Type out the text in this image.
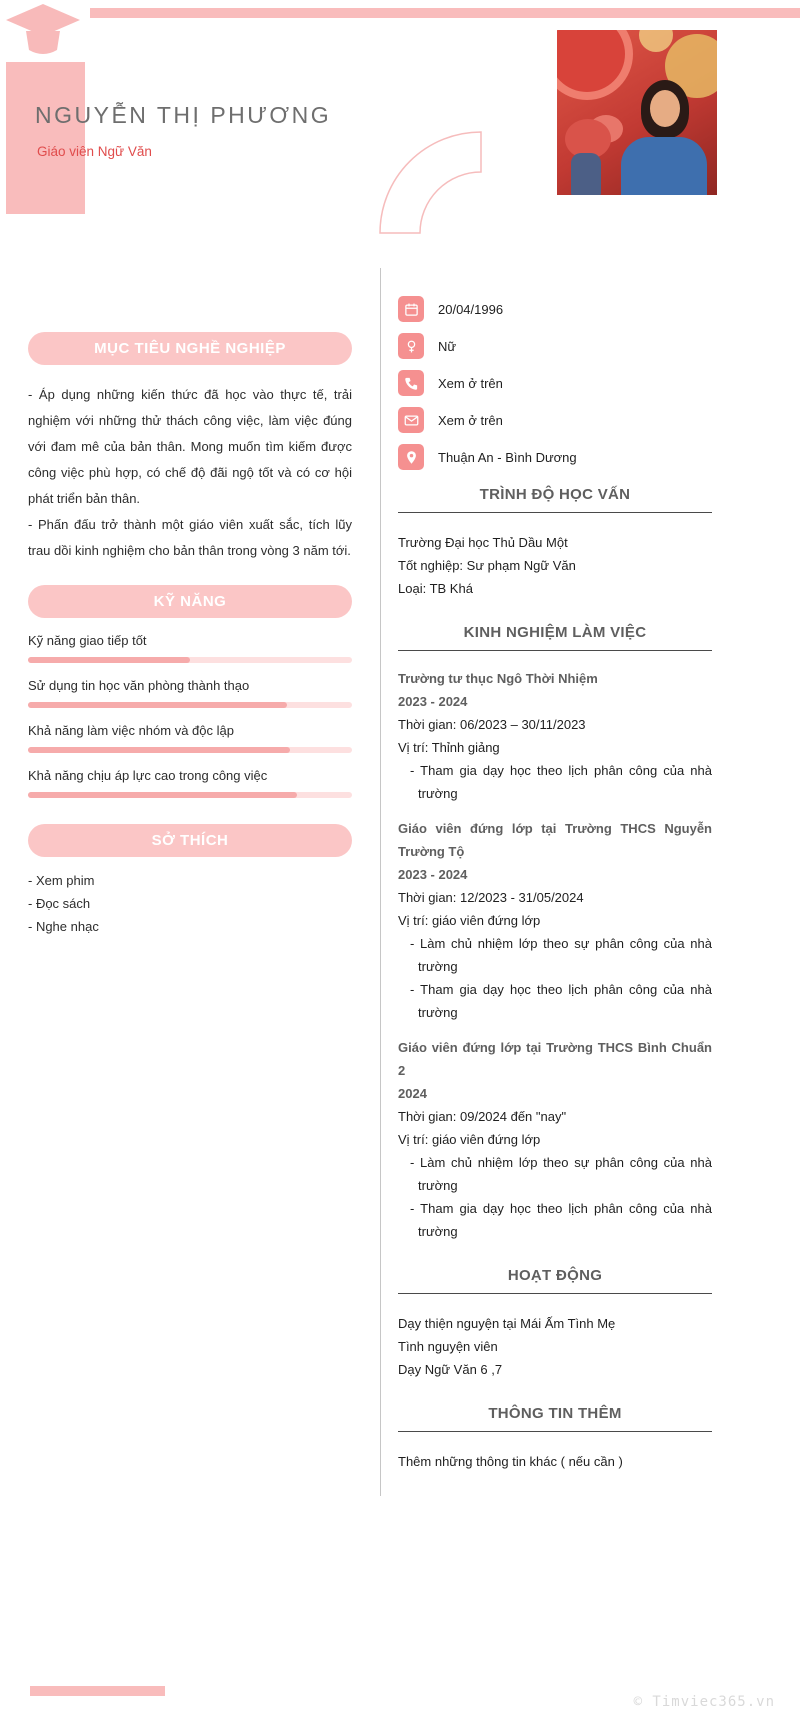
NGUYỄN THỊ PHƯƠNG
Giáo viên Ngữ Văn
MỤC TIÊU NGHỀ NGHIỆP

- Áp dụng những kiến thức đã học vào thực tế, trải nghiệm với những thử thách công việc, làm việc đúng với đam mê của bản thân. Mong muốn tìm kiếm được công việc phù hợp, có chế độ đãi ngộ tốt và có cơ hội phát triển bản thân.

- Phấn đấu trở thành một giáo viên xuất sắc, tích lũy trau dồi kinh nghiệm cho bản thân trong vòng 3 năm tới.

KỸ NĂNG
Kỹ năng giao tiếp tốt
Sử dụng tin học văn phòng thành thạo
Khả năng làm việc nhóm và độc lập
Khả năng chịu áp lực cao trong công việc
SỞ THÍCH
- Xem phim
- Đọc sách
- Nghe nhạc
20/04/1996
Nữ
Xem ở trên
Xem ở trên
Thuận An - Bình Dương
TRÌNH ĐỘ HỌC VẤN
Trường Đại học Thủ Dầu Một
Tốt nghiệp: Sư phạm Ngữ Văn
Loại: TB Khá
KINH NGHIỆM LÀM VIỆC
Trường tư thục Ngô Thời Nhiệm
2023 - 2024
Thời gian: 06/2023 – 30/11/2023
Vị trí: Thỉnh giảng
- Tham gia dạy học theo lịch phân công của nhà trường
Giáo viên đứng lớp tại Trường THCS Nguyễn Trường Tộ
2023 - 2024
Thời gian: 12/2023 - 31/05/2024
Vị trí: giáo viên đứng lớp
- Làm chủ nhiệm lớp theo sự phân công của nhà trường
- Tham gia dạy học theo lịch phân công của nhà trường
Giáo viên đứng lớp tại Trường THCS Bình Chuẩn 2
2024
Thời gian: 09/2024 đến "nay"
Vị trí: giáo viên đứng lớp
- Làm chủ nhiệm lớp theo sự phân công của nhà trường
- Tham gia dạy học theo lịch phân công của nhà trường
HOẠT ĐỘNG
Dạy thiện nguyện tại Mái Ấm Tình Mẹ
Tình nguyện viên
Dạy Ngữ Văn 6 ,7
THÔNG TIN THÊM
Thêm những thông tin khác ( nếu cần )
© Timviec365.vn
